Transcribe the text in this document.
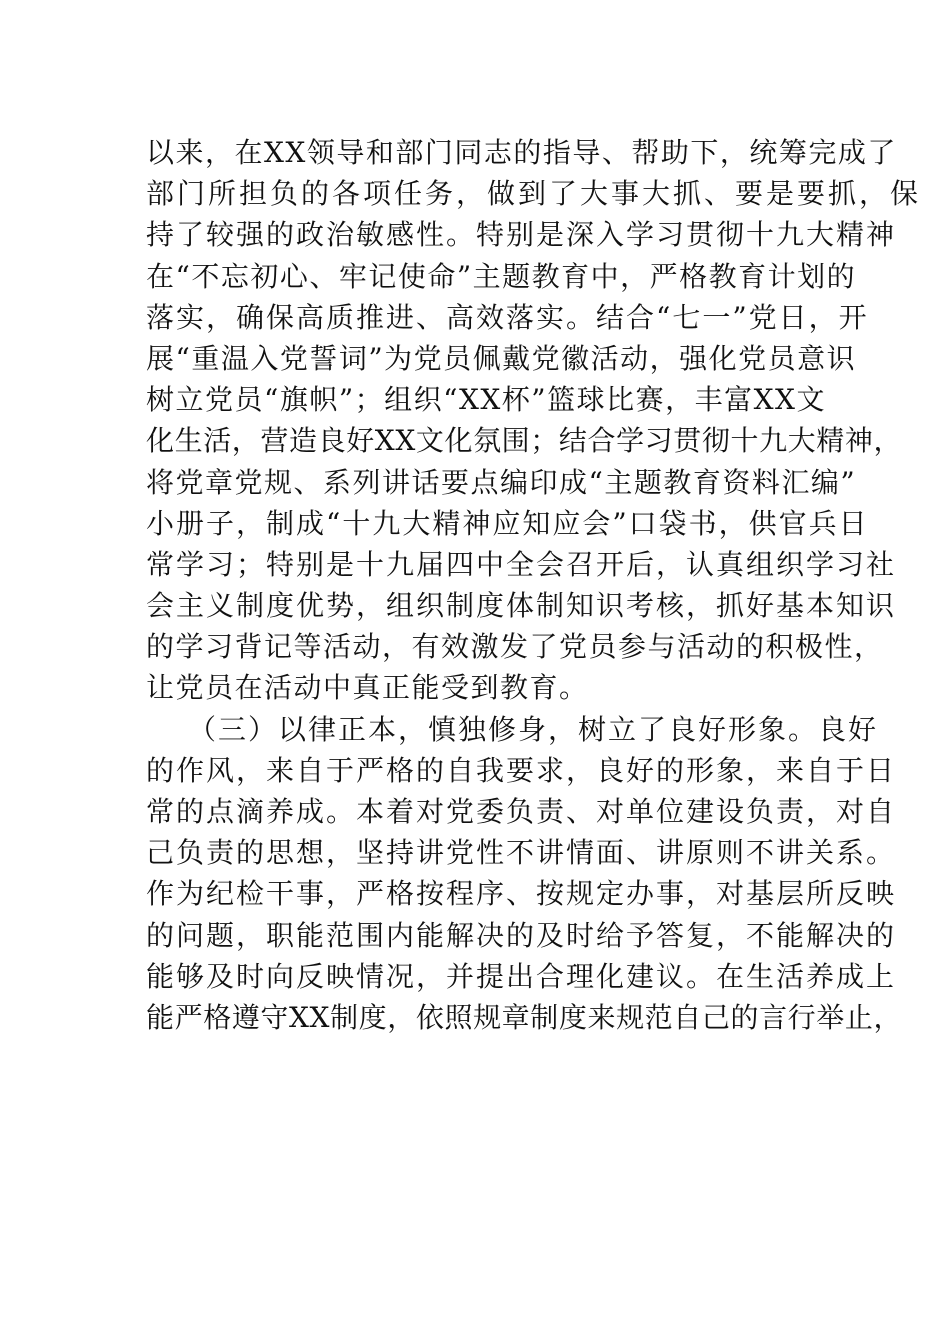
以来，在XX领导和部门同志的指导、帮助下，统筹完成了
部门所担负的各项任务，做到了大事大抓、要是要抓，保
持了较强的政治敏感性。特别是深入学习贯彻十九大精神
在“不忘初心、牢记使命”主题教育中，严格教育计划的
落实，确保高质推进、高效落实。结合“七一”党日，开
展“重温入党誓词”为党员佩戴党徽活动，强化党员意识
树立党员“旗帜”；组织“XX杯”篮球比赛，丰富XX文
化生活，营造良好XX文化氛围；结合学习贯彻十九大精神，
将党章党规、系列讲话要点编印成“主题教育资料汇编”
小册子，制成“十九大精神应知应会”口袋书，供官兵日
常学习；特别是十九届四中全会召开后，认真组织学习社
会主义制度优势，组织制度体制知识考核，抓好基本知识
的学习背记等活动，有效激发了党员参与活动的积极性，
让党员在活动中真正能受到教育。
（三）以律正本，慎独修身，树立了良好形象。良好
的作风，来自于严格的自我要求，良好的形象，来自于日
常的点滴养成。本着对党委负责、对单位建设负责，对自
己负责的思想，坚持讲党性不讲情面、讲原则不讲关系。
作为纪检干事，严格按程序、按规定办事，对基层所反映
的问题，职能范围内能解决的及时给予答复，不能解决的
能够及时向反映情况，并提出合理化建议。在生活养成上
能严格遵守XX制度，依照规章制度来规范自己的言行举止，
